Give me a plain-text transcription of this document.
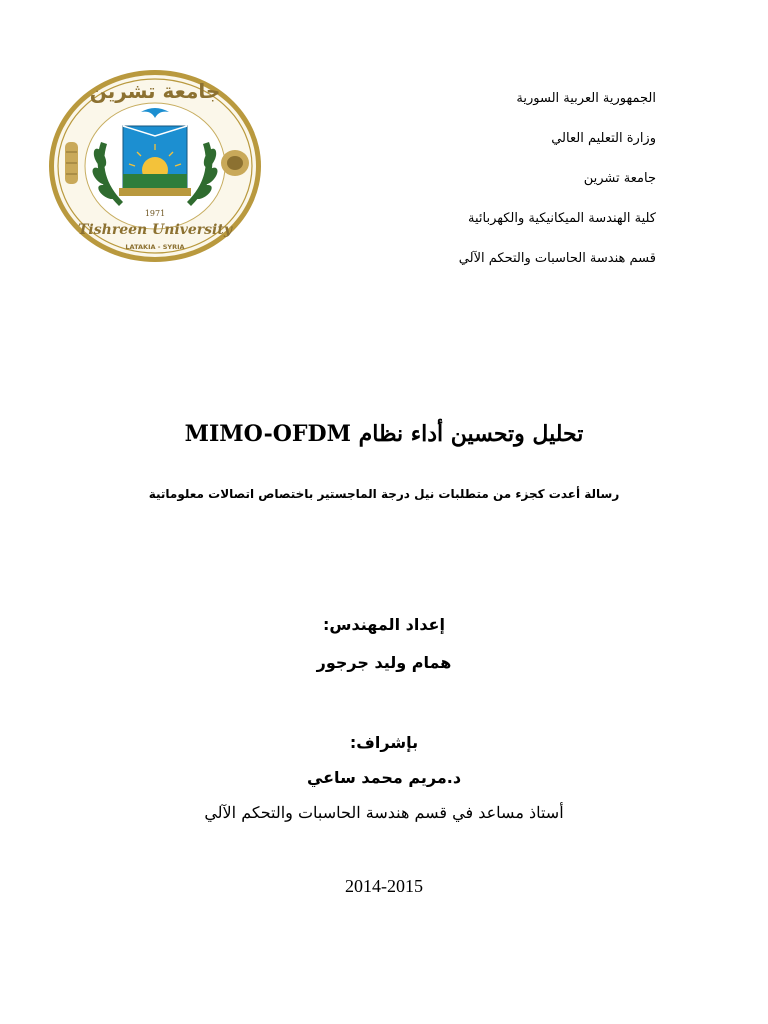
1971
جامعة تشرين
Tishreen University
LATAKIA - SYRIA
الجمهورية العربية السورية
وزارة التعليم العالي
جامعة تشرين
كلية الهندسة الميكانيكية والكهربائية
قسم هندسة الحاسبات والتحكم الآلي
تحليل وتحسين أداء نظام MIMO-OFDM
رسالة أعدت كجزء من متطلبات نيل درجة الماجستير باختصاص اتصالات معلوماتية
إعداد المهندس:
همام وليد جرجور
بإشراف:
د.مريم محمد ساعي
أستاذ مساعد في قسم هندسة الحاسبات والتحكم الآلي
2014-2015
